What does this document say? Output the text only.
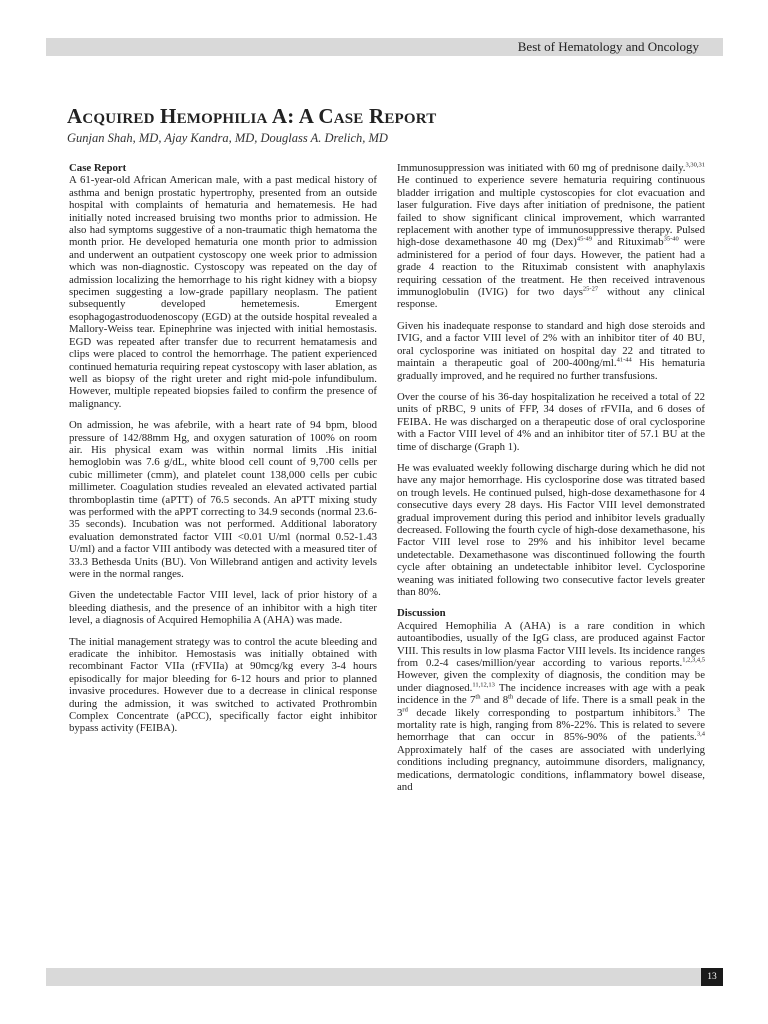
Best of Hematology and Oncology
Acquired Hemophilia A: A Case Report
Gunjan Shah, MD, Ajay Kandra, MD, Douglass A. Drelich, MD
Case Report

A 61-year-old African American male, with a past medical history of asthma and benign prostatic hypertrophy, presented from an outside hospital with complaints of hematuria and hematemesis. He had initially noted increased bruising two months prior to admission. He also had symptoms suggestive of a non-traumatic thigh hematoma the month prior. He developed hematuria one month prior to admission and underwent an outpatient cystoscopy one week prior to admission which was non-diagnostic. Cystoscopy was repeated on the day of admission localizing the hemorrhage to his right kidney with a biopsy specimen suggesting a low-grade papillary neoplasm. The patient subsequently developed hemetemesis. Emergent esophagogastroduodenoscopy (EGD) at the outside hospital revealed a Mallory-Weiss tear. Epinephrine was injected with initial hemostasis. EGD was repeated after transfer due to recurrent hematamesis and clips were placed to control the hemorrhage. The patient experienced continued hematuria requiring repeat cystoscopy with laser ablation, as well as biopsy of the right ureter and right mid-pole infundibulum. However, multiple repeated biopsies failed to confirm the presence of malignancy.

On admission, he was afebrile, with a heart rate of 94 bpm, blood pressure of 142/88mm Hg, and oxygen saturation of 100% on room air. His physical exam was within normal limits .His initial hemoglobin was 7.6 g/dL, white blood cell count of 9,700 cells per cubic millimeter (cmm), and platelet count 138,000 cells per cubic millimeter. Coagulation studies revealed an elevated activated partial thromboplastin time (aPTT) of 76.5 seconds. An aPTT mixing study was performed with the aPPT correcting to 34.9 seconds (normal 23.6-35 seconds). Incubation was not performed. Additional laboratory evaluation demonstrated factor VIII <0.01 U/ml (normal 0.52-1.43 U/ml) and a factor VIII antibody was detected with a measured titer of 33.3 Bethesda Units (BU). Von Willebrand antigen and activity levels were in the normal ranges.

Given the undetectable Factor VIII level, lack of prior history of a bleeding diathesis, and the presence of an inhibitor with a high titer level, a diagnosis of Acquired Hemophilia A (AHA) was made.

The initial management strategy was to control the acute bleeding and eradicate the inhibitor. Hemostasis was initially obtained with recombinant Factor VIIa (rFVIIa) at 90mcg/kg every 3-4 hours episodically for major bleeding for 6-12 hours and prior to planned invasive procedures. However due to a decrease in clinical response during the admission, it was switched to activated Prothrombin Complex Concentrate (aPCC), specifically factor eight inhibitor bypass activity (FEIBA).

Immunosuppression was initiated with 60 mg of prednisone daily.$^{3,30,31}$ He continued to experience severe hematuria requiring continuous bladder irrigation and multiple cystoscopies for clot evacuation and laser fulguration. Five days after initiation of prednisone, the patient failed to show significant clinical improvement, which warranted replacement with another type of immunosuppressive therapy. Pulsed high-dose dexamethasone 40 mg (Dex)$^{45-49}$ and Rituximab$^{35-40}$ were administered for a period of four days. However, the patient had a grade 4 reaction to the Rituximab consistent with anaphylaxis requiring cessation of the treatment. He then received intravenous immunoglobulin (IVIG) for two days$^{25-27}$ without any clinical response.

Given his inadequate response to standard and high dose steroids and IVIG, and a factor VIII level of 2% with an inhibitor titer of 40 BU, oral cyclosporine was initiated on hospital day 22 and titrated to maintain a therapeutic goal of 200-400ng/ml.$^{41-44}$ His hematuria gradually improved, and he required no further transfusions.

Over the course of his 36-day hospitalization he received a total of 22 units of pRBC, 9 units of FFP, 34 doses of rFVIIa, and 6 doses of FEIBA. He was discharged on a therapeutic dose of oral cyclosporine with a Factor VIII level of 4% and an inhibitor titer of 57.1 BU at the time of discharge (Graph 1).

He was evaluated weekly following discharge during which he did not have any major hemorrhage. His cyclosporine dose was titrated based on trough levels. He continued pulsed, high-dose dexamethasone for 4 consecutive days every 28 days. His Factor VIII level demonstrated gradual improvement during this period and inhibitor levels gradually decreased. Following the fourth cycle of high-dose dexamethasone, his Factor VIII level rose to 29% and his inhibitor level became undetectable. Dexamethasone was discontinued following the fourth cycle after obtaining an undetectable inhibitor level. Cyclosporine weaning was initiated following two consecutive factor levels greater than 80%.

Discussion

Acquired Hemophilia A (AHA) is a rare condition in which autoantibodies, usually of the IgG class, are produced against Factor VIII. This results in low plasma Factor VIII levels. Its incidence ranges from 0.2-4 cases/million/year according to various reports.$^{1,2,3,4,5}$ However, given the complexity of diagnosis, the condition may be under diagnosed.$^{11,12,13}$ The incidence increases with age with a peak incidence in the 7th and 8th decade of life. There is a small peak in the 3rd decade likely corresponding to postpartum inhibitors.$^3$ The mortality rate is high, ranging from 8%-22%. This is related to severe hemorrhage that can occur in 85%-90% of the patients.$^{3,4}$ Approximately half of the cases are associated with underlying conditions including pregnancy, autoimmune disorders, malignancy, medications, dermatologic conditions, inflammatory bowel disease, and

13
